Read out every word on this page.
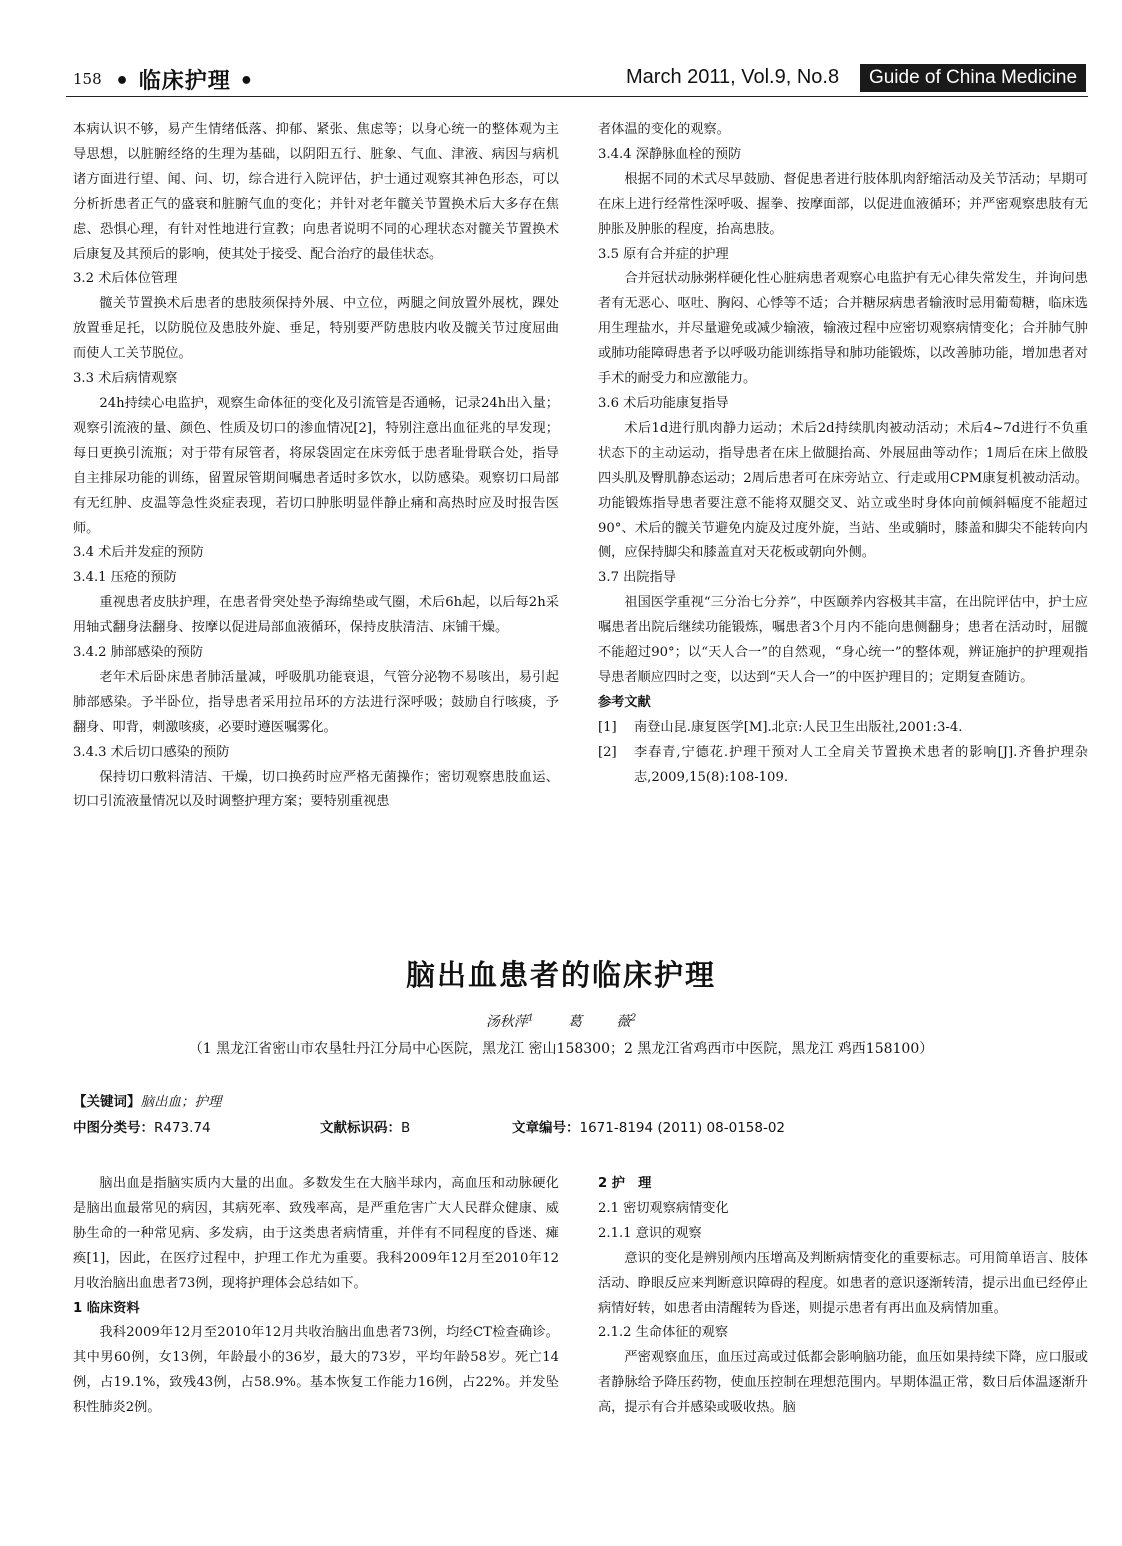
158 • 临床护理 •	March 2011, Vol.9, No.8	Guide of China Medicine

本病认识不够，易产生情绪低落、抑郁、紧张、焦虑等；以身心统一的整体观为主导思想，以脏腑经络的生理为基础，以阴阳五行、脏象、气血、津液、病因与病机诸方面进行望、闻、问、切，综合进行入院评估，护士通过观察其神色形态，可以分析折患者正气的盛衰和脏腑气血的变化；并针对老年髋关节置换术后大多存在焦虑、恐惧心理，有针对性地进行宣教；向患者说明不同的心理状态对髋关节置换术后康复及其预后的影响，使其处于接受、配合治疗的最佳状态。

3.2 术后体位管理

髋关节置换术后患者的患肢须保持外展、中立位，两腿之间放置外展枕，踝处放置垂足托，以防脱位及患肢外旋、垂足，特别要严防患肢内收及髋关节过度屈曲而使人工关节脱位。

3.3 术后病情观察

24h持续心电监护，观察生命体征的变化及引流管是否通畅，记录24h出入量；观察引流液的量、颜色、性质及切口的渗血情况[2]，特别注意出血征兆的早发现；每日更换引流瓶；对于带有尿管者，将尿袋固定在床旁低于患者耻骨联合处，指导自主排尿功能的训练，留置尿管期间嘱患者适时多饮水，以防感染。观察切口局部有无红肿、皮温等急性炎症表现，若切口肿胀明显伴静止痛和高热时应及时报告医师。

3.4 术后并发症的预防

3.4.1 压疮的预防

重视患者皮肤护理，在患者骨突处垫予海绵垫或气圈，术后6h起，以后每2h采用轴式翻身法翻身、按摩以促进局部血液循环，保持皮肤清洁、床铺干燥。

3.4.2 肺部感染的预防

老年术后卧床患者肺活量减，呼吸肌功能衰退，气管分泌物不易咳出，易引起肺部感染。予半卧位，指导患者采用拉吊环的方法进行深呼吸；鼓励自行咳痰，予翻身、叩背，刺激咳痰，必要时遵医嘱雾化。

3.4.3 术后切口感染的预防

保持切口敷料清洁、干燥，切口换药时应严格无菌操作；密切观察患肢血运、切口引流液量情况以及时调整护理方案；要特别重视患

者体温的变化的观察。

3.4.4 深静脉血栓的预防

根据不同的术式尽早鼓励、督促患者进行肢体肌肉舒缩活动及关节活动；早期可在床上进行经常性深呼吸、握拳、按摩面部，以促进血液循环；并严密观察患肢有无肿胀及肿胀的程度，抬高患肢。

3.5 原有合并症的护理

合并冠状动脉粥样硬化性心脏病患者观察心电监护有无心律失常发生，并询问患者有无恶心、呕吐、胸闷、心悸等不适；合并糖尿病患者输液时忌用葡萄糖，临床选用生理盐水，并尽量避免或减少输液，输液过程中应密切观察病情变化；合并肺气肿或肺功能障碍患者予以呼吸功能训练指导和肺功能锻炼，以改善肺功能，增加患者对手术的耐受力和应激能力。

3.6 术后功能康复指导

术后1d进行肌肉静力运动；术后2d持续肌肉被动活动；术后4~7d进行不负重状态下的主动运动，指导患者在床上做腿抬高、外展屈曲等动作；1周后在床上做股四头肌及臀肌静态运动；2周后患者可在床旁站立、行走或用CPM康复机被动活动。功能锻炼指导患者要注意不能将双腿交叉、站立或坐时身体向前倾斜幅度不能超过90°、术后的髋关节避免内旋及过度外旋，当站、坐或躺时，膝盖和脚尖不能转向内侧，应保持脚尖和膝盖直对天花板或朝向外侧。

3.7 出院指导

祖国医学重视“三分治七分养”，中医颐养内容极其丰富，在出院评估中，护士应嘱患者出院后继续功能锻炼，嘱患者3个月内不能向患侧翻身；患者在活动时，屈髋不能超过90°；以“天人合一”的自然观，“身心统一”的整体观，辨证施护的护理观指导患者顺应四时之变，以达到“天人合一”的中医护理目的；定期复查随访。

参考文献

[1] 南登山昆.康复医学[M].北京:人民卫生出版社,2001:3-4.

[2] 李春青,宁德花.护理干预对人工全肩关节置换术患者的影响[J].齐鲁护理杂志,2009,15(8):108-109.

脑出血患者的临床护理
汤秋萍$^1$ 葛 薇$^2$
（1 黑龙江省密山市农垦牡丹江分局中心医院，黑龙江 密山158300；2 黑龙江省鸡西市中医院，黑龙江 鸡西158100）
【关键词】脑出血；护理
中图分类号：R473.74	文献标识码：B	文章编号：1671-8194 (2011) 08-0158-02

脑出血是指脑实质内大量的出血。多数发生在大脑半球内，高血压和动脉硬化是脑出血最常见的病因，其病死率、致残率高，是严重危害广大人民群众健康、威胁生命的一种常见病、多发病，由于这类患者病情重，并伴有不同程度的昏迷、瘫痪[1]，因此，在医疗过程中，护理工作尤为重要。我科2009年12月至2010年12月收治脑出血患者73例，现将护理体会总结如下。

1 临床资料

我科2009年12月至2010年12月共收治脑出血患者73例，均经CT检查确诊。其中男60例，女13例，年龄最小的36岁，最大的73岁，平均年龄58岁。死亡14例，占19.1%，致残43例，占58.9%。基本恢复工作能力16例，占22%。并发坠积性肺炎2例。

2 护　理

2.1 密切观察病情变化

2.1.1 意识的观察

意识的变化是辨别颅内压增高及判断病情变化的重要标志。可用简单语言、肢体活动、睁眼反应来判断意识障碍的程度。如患者的意识逐渐转清，提示出血已经停止病情好转，如患者由清醒转为昏迷，则提示患者有再出血及病情加重。

2.1.2 生命体征的观察

严密观察血压，血压过高或过低都会影响脑功能，血压如果持续下降，应口服或者静脉给予降压药物，使血压控制在理想范围内。早期体温正常，数日后体温逐渐升高，提示有合并感染或吸收热。脑
